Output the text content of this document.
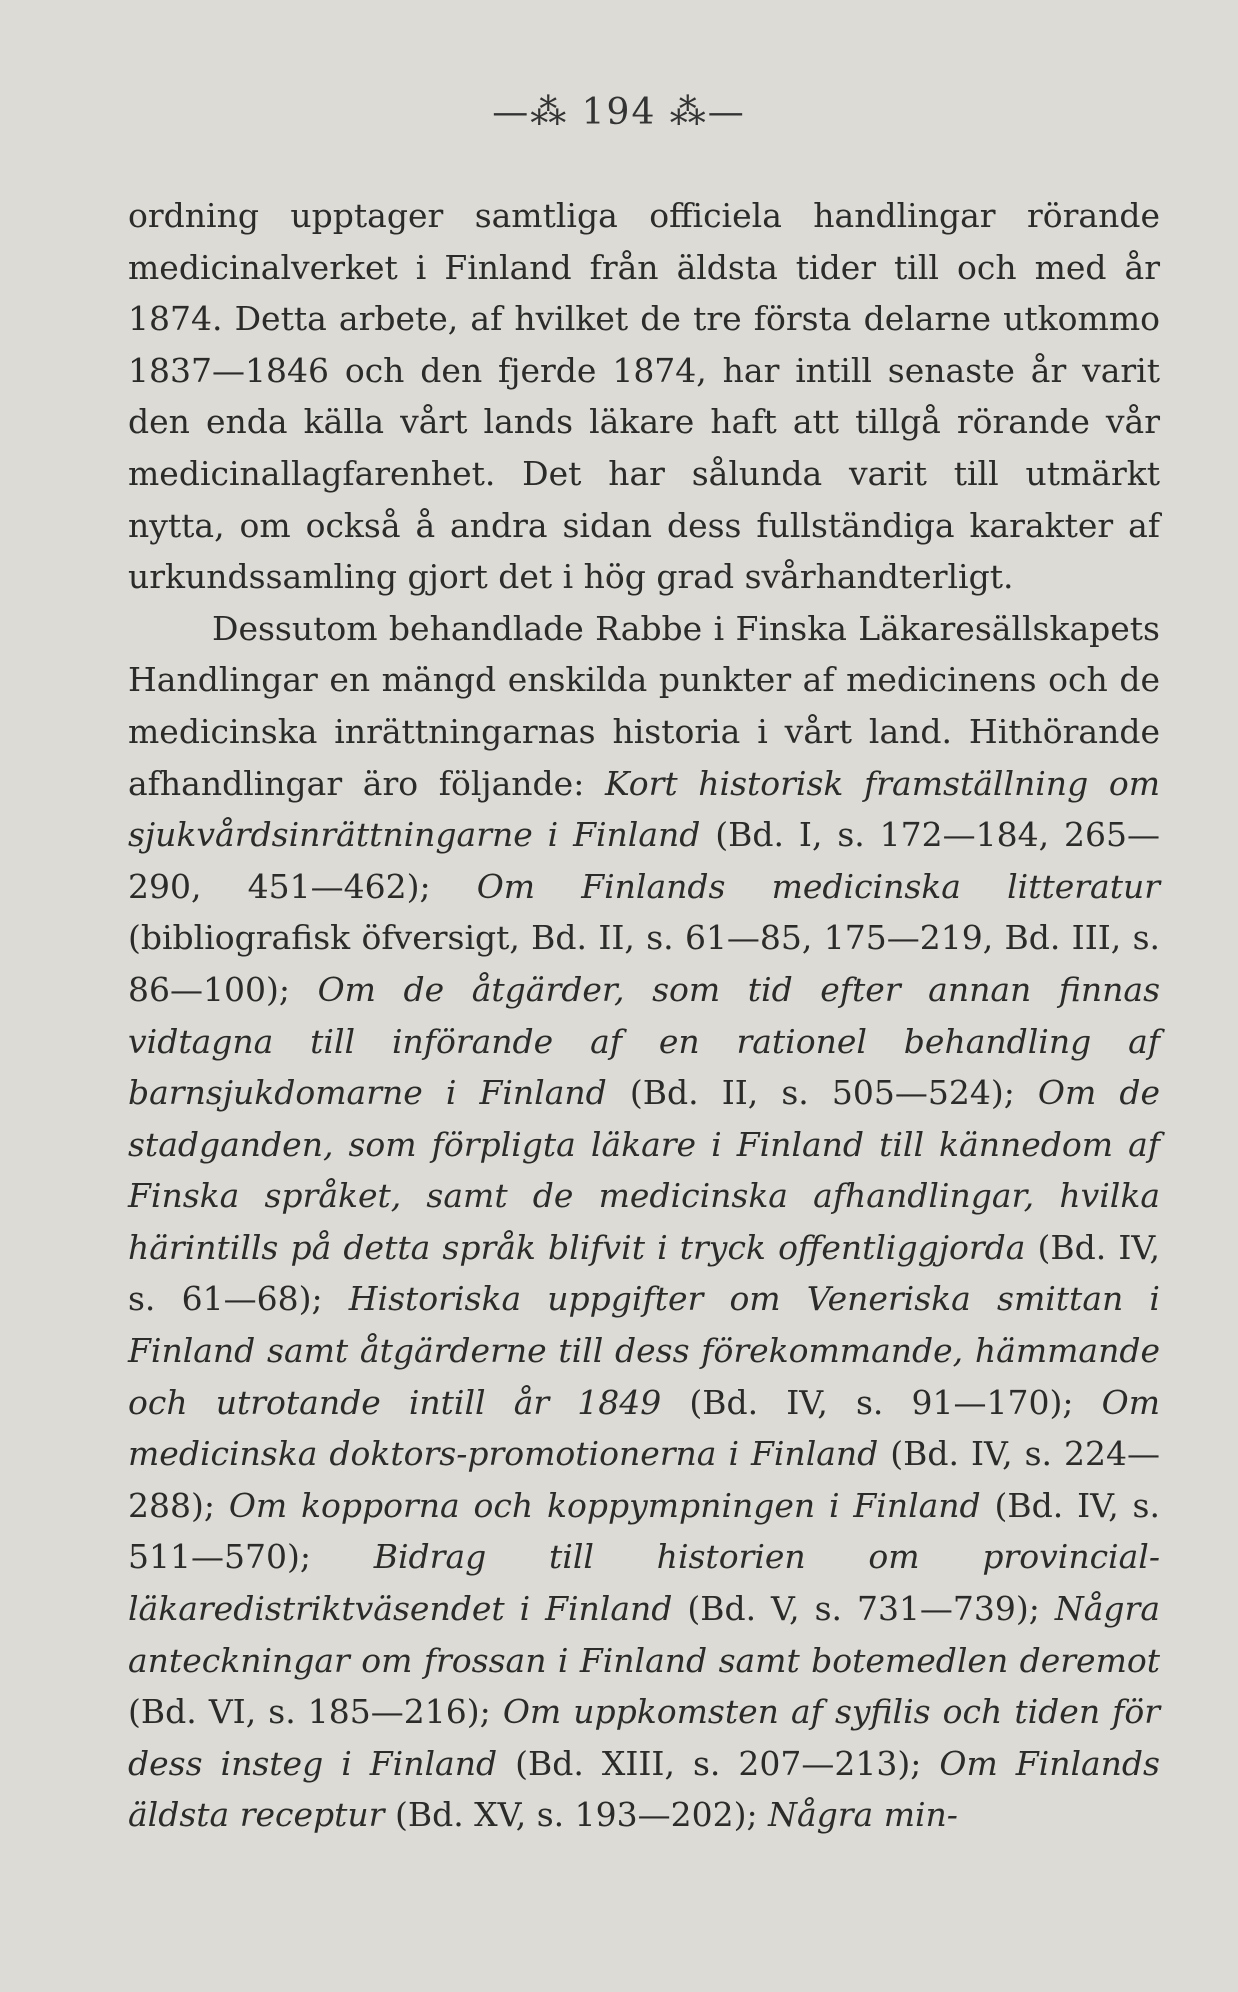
—⁂ 194 ⁂—

ordning upptager samtliga officiela handlingar rörande medicinalverket i Finland från äldsta tider till och med år 1874. Detta arbete, af hvilket de tre första delarne utkommo 1837—1846 och den fjerde 1874, har intill senaste år varit den enda källa vårt lands läkare haft att tillgå rörande vår medicinallagfarenhet. Det har sålunda varit till utmärkt nytta, om också å andra sidan dess fullständiga karakter af urkundssamling gjort det i hög grad svårhandterligt.

Dessutom behandlade Rabbe i Finska Läkaresällskapets Handlingar en mängd enskilda punkter af medicinens och de medicinska inrättningarnas historia i vårt land. Hithörande afhandlingar äro följande: Kort historisk framställning om sjukvårdsinrättningarne i Finland (Bd. I, s. 172—184, 265—290, 451—462); Om Finlands medicinska litteratur (bibliografisk öfversigt, Bd. II, s. 61—85, 175—219, Bd. III, s. 86—100); Om de åtgärder, som tid efter annan finnas vidtagna till införande af en rationel behandling af barnsjukdomarne i Finland (Bd. II, s. 505—524); Om de stadganden, som förpligta läkare i Finland till kännedom af Finska språket, samt de medicinska afhandlingar, hvilka härintills på detta språk blifvit i tryck offentliggjorda (Bd. IV, s. 61—68); Historiska uppgifter om Veneriska smittan i Finland samt åtgärderne till dess förekommande, hämmande och utrotande intill år 1849 (Bd. IV, s. 91—170); Om medicinska doktors-promotionerna i Finland (Bd. IV, s. 224—288); Om kopporna och koppympningen i Finland (Bd. IV, s. 511—570); Bidrag till historien om provincial-läkaredistriktväsendet i Finland (Bd. V, s. 731—739); Några anteckningar om frossan i Finland samt botemedlen deremot (Bd. VI, s. 185—216); Om uppkomsten af syfilis och tiden för dess insteg i Finland (Bd. XIII, s. 207—213); Om Finlands äldsta receptur (Bd. XV, s. 193—202); Några min-
